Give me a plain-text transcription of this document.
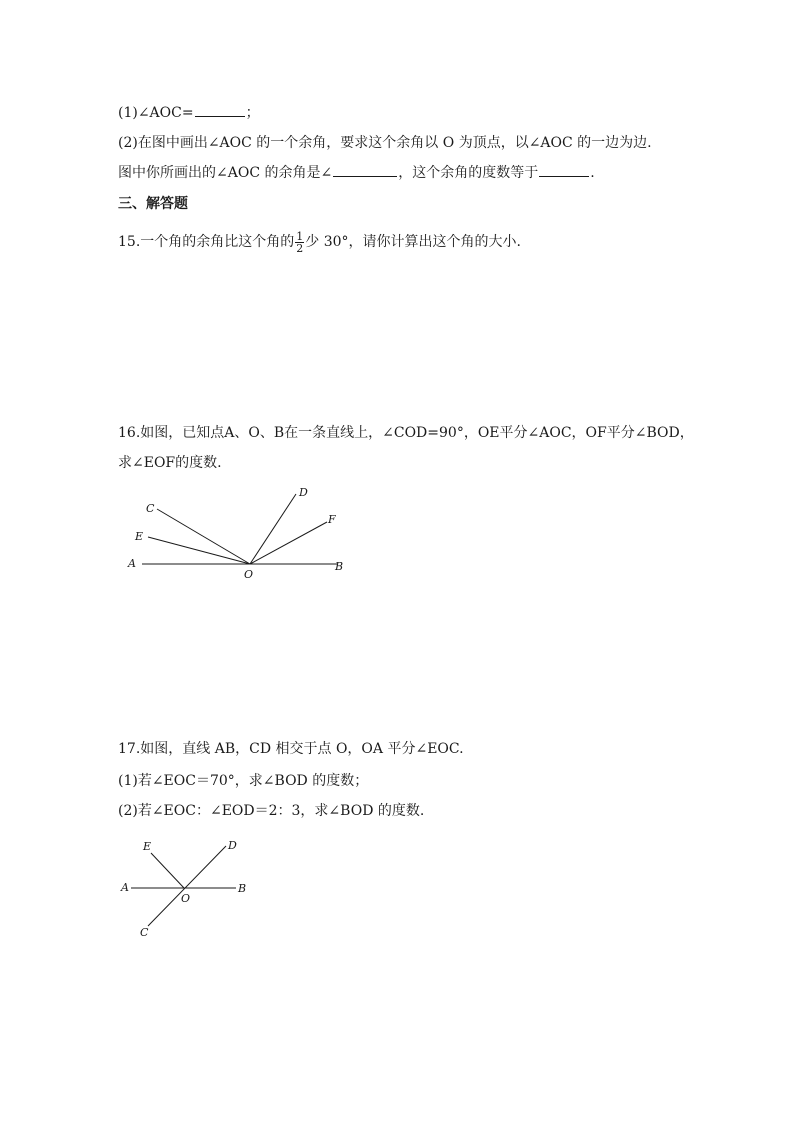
(1)∠AOC=	；
(2)在图中画出∠AOC 的一个余角，要求这个余角以 O 为顶点，以∠AOC 的一边为边.
图中你所画出的∠AOC 的余角是∠	，这个余角的度数等于	.
三、解答题
15.一个角的余角比这个角的 $\frac{1}{2}$ 少 30°，请你计算出这个角的大小.
16.如图，已知点A、O、B在一条直线上，∠COD=90°，OE平分∠AOC，OF平分∠BOD，
求∠EOF的度数.
A	B
C
E
D
F
O
17.如图，直线 AB，CD 相交于点 O，OA 平分∠EOC.
(1)若∠EOC＝70°，求∠BOD 的度数；
(2)若∠EOC：∠EOD＝2：3，求∠BOD 的度数.
A	B
C
D
E
O
